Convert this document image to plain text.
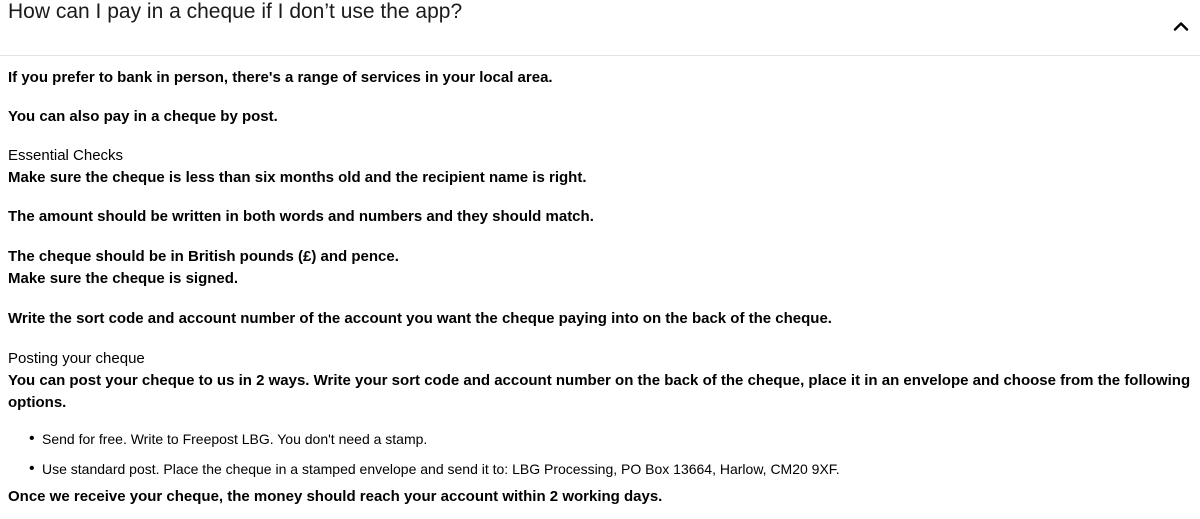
How can I pay in a cheque if I don’t use the app?

If you prefer to bank in person, there's a range of services in your local area.

You can also pay in a cheque by post.

Essential Checks
Make sure the cheque is less than six months old and the recipient name is right.

The amount should be written in both words and numbers and they should match.

The cheque should be in British pounds (£) and pence.
Make sure the cheque is signed.

Write the sort code and account number of the account you want the cheque paying into on the back of the cheque.

Posting your cheque
You can post your cheque to us in 2 ways. Write your sort code and account number on the back of the cheque, place it in an envelope and choose from the following options.

• Send for free. Write to Freepost LBG. You don't need a stamp.
• Use standard post. Place the cheque in a stamped envelope and send it to: LBG Processing, PO Box 13664, Harlow, CM20 9XF.

Once we receive your cheque, the money should reach your account within 2 working days.
